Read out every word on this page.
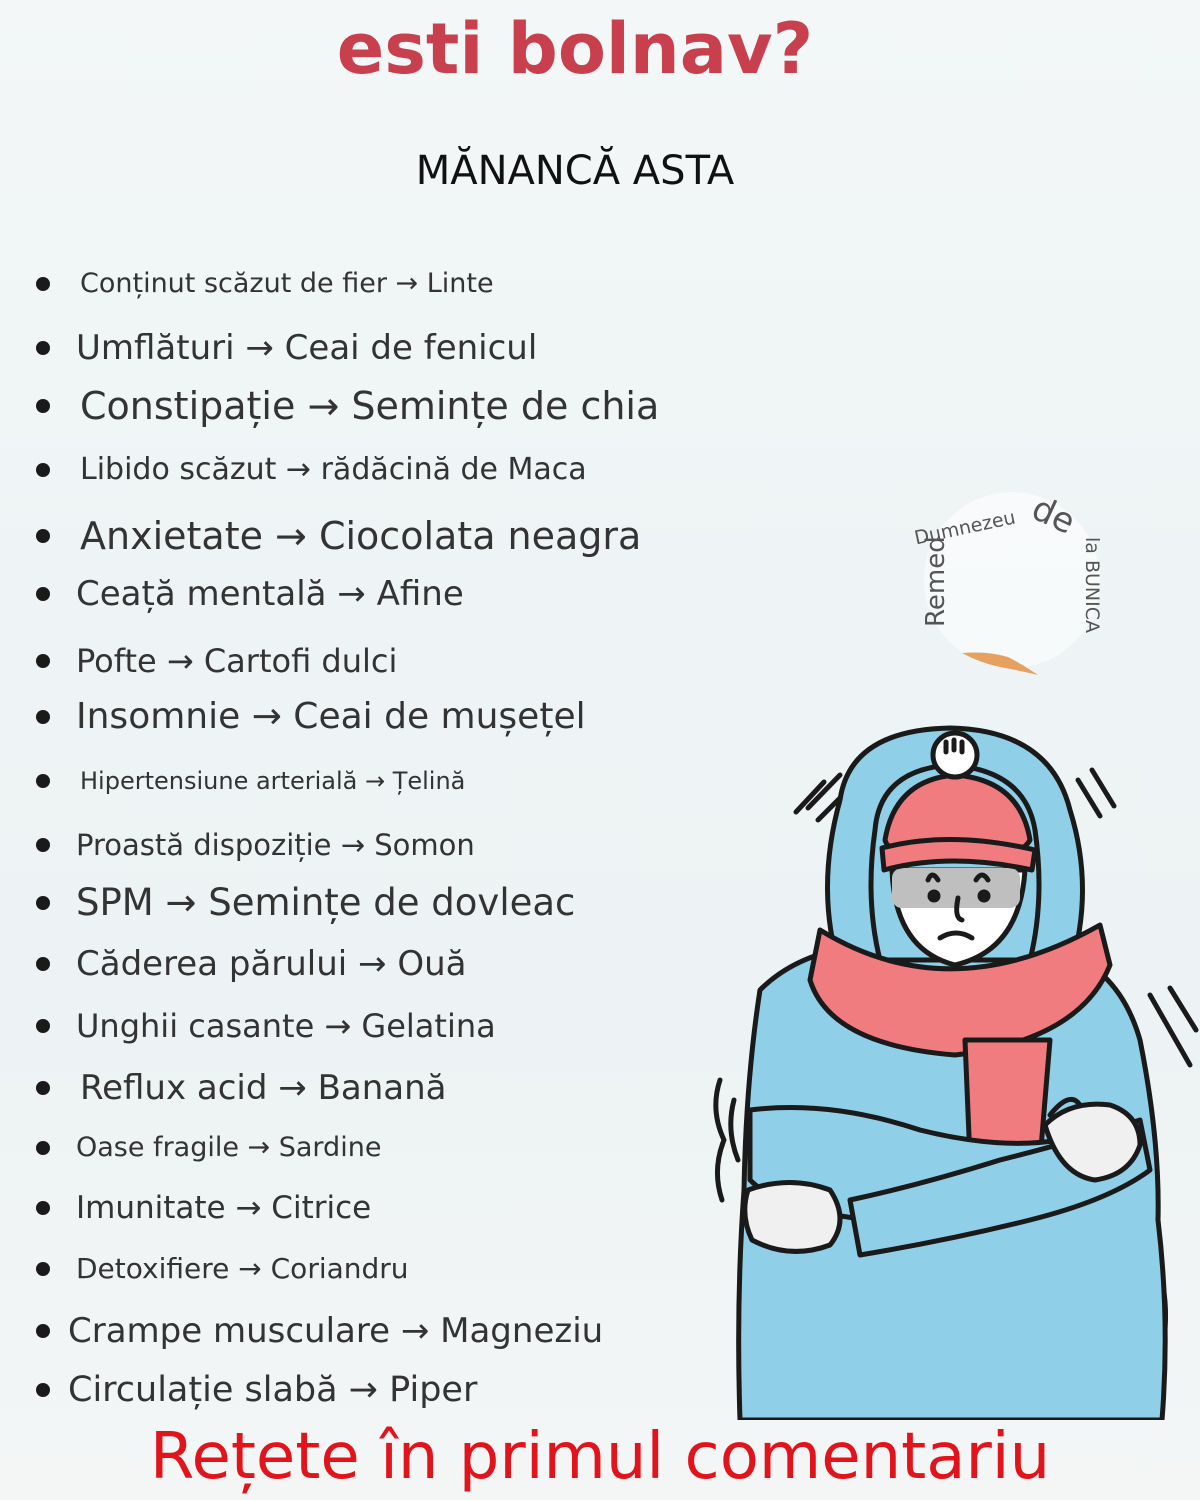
esti bolnav?
MĂNANCĂ ASTA
Conținut scăzut de fier → Linte
Umflături → Ceai de fenicul
Constipație → Semințe de chia
Libido scăzut → rădăcină de Maca
Anxietate → Ciocolata neagra
Ceață mentală → Afine
Pofte → Cartofi dulci
Insomnie → Ceai de mușețel
Hipertensiune arterială → Țelină
Proastă dispoziție → Somon
SPM → Semințe de dovleac
Căderea părului → Ouă
Unghii casante → Gelatina
Reflux acid → Banană
Oase fragile → Sardine
Imunitate → Citrice
Detoxifiere → Coriandru
Crampe musculare → Magneziu
Circulație slabă → Piper
Dumnezeu de
Remed	la BUNICA

Rețete în primul comentariu
